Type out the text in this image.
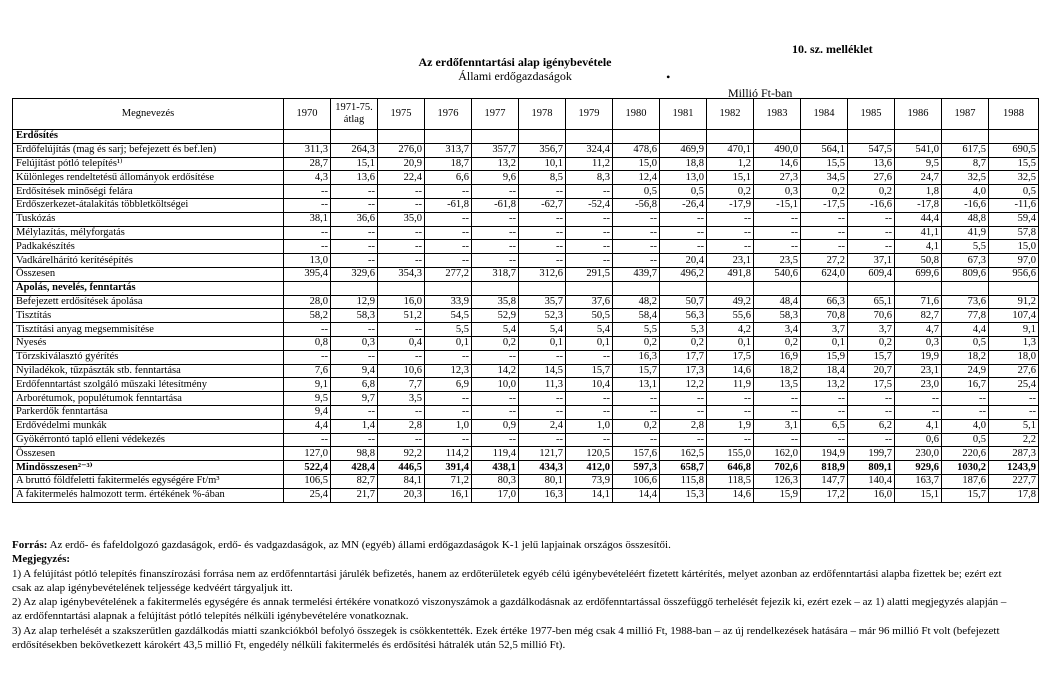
10. sz. melléklet
Az erdőfenntartási alap igénybevétele
Állami erdőgazdaságok	•
Millió Ft-ban
Megnevezés	1970	1971-75. átlag	1975	1976	1977	1978	1979	1980	1981	1982	1983	1984	1985	1986	1987	1988
Erdősítés																
Erdőfelújítás (mag és sarj; befejezett és bef.len)	311,3	264,3	276,0	313,7	357,7	356,7	324,4	478,6	469,9	470,1	490,0	564,1	547,5	541,0	617,5	690,5
Felújítást pótló telepítés¹⁾	28,7	15,1	20,9	18,7	13,2	10,1	11,2	15,0	18,8	1,2	14,6	15,5	13,6	9,5	8,7	15,5
Különleges rendeltetésű állományok erdősítése	4,3	13,6	22,4	6,6	9,6	8,5	8,3	12,4	13,0	15,1	27,3	34,5	27,6	24,7	32,5	32,5
Erdősítések minőségi felára	--	--	--	--	--	--	--	0,5	0,5	0,2	0,3	0,2	0,2	1,8	4,0	0,5
Erdőszerkezet-átalakítás többletköltségei	--	--	--	-61,8	-61,8	-62,7	-52,4	-56,8	-26,4	-17,9	-15,1	-17,5	-16,6	-17,8	-16,6	-11,6
Tuskózás	38,1	36,6	35,0	--	--	--	--	--	--	--	--	--	--	44,4	48,8	59,4
Mélylazítás, mélyforgatás	--	--	--	--	--	--	--	--	--	--	--	--	--	41,1	41,9	57,8
Padkakészítés	--	--	--	--	--	--	--	--	--	--	--	--	--	4,1	5,5	15,0
Vadkárelhárító kerítésépítés	13,0	--	--	--	--	--	--	--	20,4	23,1	23,5	27,2	37,1	50,8	67,3	97,0
Összesen	395,4	329,6	354,3	277,2	318,7	312,6	291,5	439,7	496,2	491,8	540,6	624,0	609,4	699,6	809,6	956,6
Ápolás, nevelés, fenntartás																
Befejezett erdősítések ápolása	28,0	12,9	16,0	33,9	35,8	35,7	37,6	48,2	50,7	49,2	48,4	66,3	65,1	71,6	73,6	91,2
Tisztítás	58,2	58,3	51,2	54,5	52,9	52,3	50,5	58,4	56,3	55,6	58,3	70,8	70,6	82,7	77,8	107,4
Tisztítási anyag megsemmisítése	--	--	--	5,5	5,4	5,4	5,4	5,5	5,3	4,2	3,4	3,7	3,7	4,7	4,4	9,1
Nyesés	0,8	0,3	0,4	0,1	0,2	0,1	0,1	0,2	0,2	0,1	0,2	0,1	0,2	0,3	0,5	1,3
Törzskiválasztó gyérítés	--	--	--	--	--	--	--	16,3	17,7	17,5	16,9	15,9	15,7	19,9	18,2	18,0
Nyiladékok, tűzpászták stb. fenntartása	7,6	9,4	10,6	12,3	14,2	14,5	15,7	15,7	17,3	14,6	18,2	18,4	20,7	23,1	24,9	27,6
Erdőfenntartást szolgáló műszaki létesítmény	9,1	6,8	7,7	6,9	10,0	11,3	10,4	13,1	12,2	11,9	13,5	13,2	17,5	23,0	16,7	25,4
Arborétumok, populétumok fenntartása	9,5	9,7	3,5	--	--	--	--	--	--	--	--	--	--	--	--	--
Parkerdők fenntartása	9,4	--	--	--	--	--	--	--	--	--	--	--	--	--	--	--
Erdővédelmi munkák	4,4	1,4	2,8	1,0	0,9	2,4	1,0	0,2	2,8	1,9	3,1	6,5	6,2	4,1	4,0	5,1
Gyökérrontó tapló elleni védekezés	--	--	--	--	--	--	--	--	--	--	--	--	--	0,6	0,5	2,2
Összesen	127,0	98,8	92,2	114,2	119,4	121,7	120,5	157,6	162,5	155,0	162,0	194,9	199,7	230,0	220,6	287,3
Mindösszesen²⁻³⁾	522,4	428,4	446,5	391,4	438,1	434,3	412,0	597,3	658,7	646,8	702,6	818,9	809,1	929,6	1030,2	1243,9
A bruttó földfeletti fakitermelés egységére Ft/m³	106,5	82,7	84,1	71,2	80,3	80,1	73,9	106,6	115,8	118,5	126,3	147,7	140,4	163,7	187,6	227,7
A fakitermelés halmozott term. értékének %-ában	25,4	21,7	20,3	16,1	17,0	16,3	14,1	14,4	15,3	14,6	15,9	17,2	16,0	15,1	15,7	17,8

Forrás: Az erdő- és fafeldolgozó gazdaságok, erdő- és vadgazdaságok, az MN (egyéb) állami erdőgazdaságok K-1 jelű lapjainak országos összesítői.

Megjegyzés:

1) A felújítást pótló telepítés finanszírozási forrása nem az erdőfenntartási járulék befizetés, hanem az erdőterületek egyéb célú igénybevételéért fizetett kártérítés, melyet azonban az erdőfenntartási alapba fizettek be; ezért ezt csak az alap igénybevételének teljessége kedvéért tárgyaljuk itt.

2) Az alap igénybevételének a fakitermelés egységére és annak termelési értékére vonatkozó viszonyszámok a gazdálkodásnak az erdőfenntartással összefüggő terhelését fejezik ki, ezért ezek – az 1) alatti megjegyzés alapján – az erdőfenntartási alapnak a felújítást pótló telepítés nélküli igénybevételére vonatkoznak.

3) Az alap terhelését a szakszerűtlen gazdálkodás miatti szankciókból befolyó összegek is csökkentették. Ezek értéke 1977-ben még csak 4 millió Ft, 1988-ban – az új rendelkezések hatására – már 96 millió Ft volt (befejezett erdősítésekben bekövetkezett károkért 43,5 millió Ft, engedély nélküli fakitermelés és erdősítési hátralék után 52,5 millió Ft).
